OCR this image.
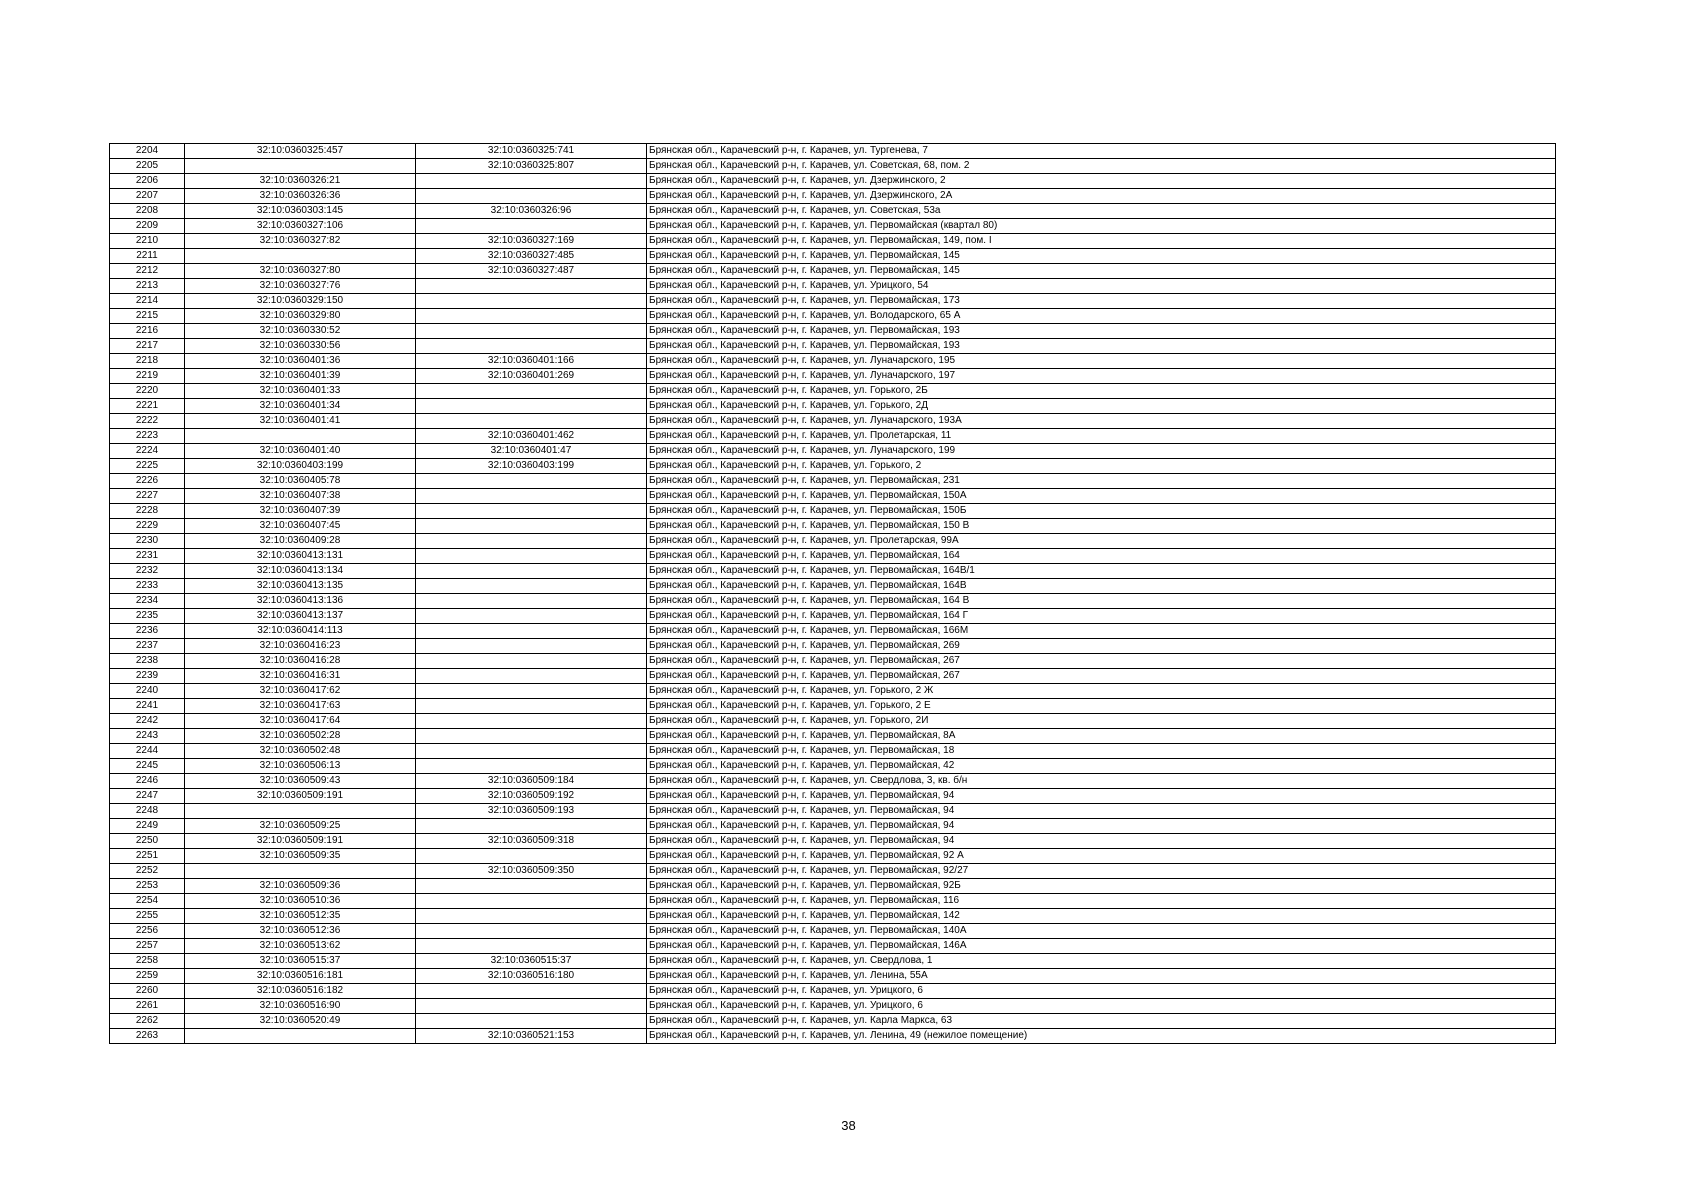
2204	32:10:0360325:457	32:10:0360325:741	Брянская обл., Карачевский р-н, г. Карачев, ул. Тургенева, 7
2205		32:10:0360325:807	Брянская обл., Карачевский р-н, г. Карачев, ул. Советская, 68, пом. 2
2206	32:10:0360326:21		Брянская обл., Карачевский р-н, г. Карачев, ул. Дзержинского, 2
2207	32:10:0360326:36		Брянская обл., Карачевский р-н, г. Карачев, ул. Дзержинского, 2А
2208	32:10:0360303:145	32:10:0360326:96	Брянская обл., Карачевский р-н, г. Карачев, ул. Советская, 53а
2209	32:10:0360327:106		Брянская обл., Карачевский р-н, г. Карачев, ул. Первомайская (квартал 80)
2210	32:10:0360327:82	32:10:0360327:169	Брянская обл., Карачевский р-н, г. Карачев, ул. Первомайская, 149, пом. I
2211		32:10:0360327:485	Брянская обл., Карачевский р-н, г. Карачев, ул. Первомайская, 145
2212	32:10:0360327:80	32:10:0360327:487	Брянская обл., Карачевский р-н, г. Карачев, ул. Первомайская, 145
2213	32:10:0360327:76		Брянская обл., Карачевский р-н, г. Карачев, ул. Урицкого, 54
2214	32:10:0360329:150		Брянская обл., Карачевский р-н, г. Карачев, ул. Первомайская, 173
2215	32:10:0360329:80		Брянская обл., Карачевский р-н, г. Карачев, ул. Володарского, 65 А
2216	32:10:0360330:52		Брянская обл., Карачевский р-н, г. Карачев, ул. Первомайская, 193
2217	32:10:0360330:56		Брянская обл., Карачевский р-н, г. Карачев, ул. Первомайская, 193
2218	32:10:0360401:36	32:10:0360401:166	Брянская обл., Карачевский р-н, г. Карачев, ул. Луначарского, 195
2219	32:10:0360401:39	32:10:0360401:269	Брянская обл., Карачевский р-н, г. Карачев, ул. Луначарского, 197
2220	32:10:0360401:33		Брянская обл., Карачевский р-н, г. Карачев, ул. Горького, 2Б
2221	32:10:0360401:34		Брянская обл., Карачевский р-н, г. Карачев, ул. Горького, 2Д
2222	32:10:0360401:41		Брянская обл., Карачевский р-н, г. Карачев, ул. Луначарского, 193А
2223		32:10:0360401:462	Брянская обл., Карачевский р-н, г. Карачев, ул. Пролетарская, 11
2224	32:10:0360401:40	32:10:0360401:47	Брянская обл., Карачевский р-н, г. Карачев, ул. Луначарского, 199
2225	32:10:0360403:199	32:10:0360403:199	Брянская обл., Карачевский р-н, г. Карачев, ул. Горького, 2
2226	32:10:0360405:78		Брянская обл., Карачевский р-н, г. Карачев, ул. Первомайская, 231
2227	32:10:0360407:38		Брянская обл., Карачевский р-н, г. Карачев, ул. Первомайская, 150А
2228	32:10:0360407:39		Брянская обл., Карачевский р-н, г. Карачев, ул. Первомайская, 150Б
2229	32:10:0360407:45		Брянская обл., Карачевский р-н, г. Карачев, ул. Первомайская, 150 В
2230	32:10:0360409:28		Брянская обл., Карачевский р-н, г. Карачев, ул. Пролетарская, 99А
2231	32:10:0360413:131		Брянская обл., Карачевский р-н, г. Карачев, ул. Первомайская, 164
2232	32:10:0360413:134		Брянская обл., Карачевский р-н, г. Карачев, ул. Первомайская, 164В/1
2233	32:10:0360413:135		Брянская обл., Карачевский р-н, г. Карачев, ул. Первомайская, 164В
2234	32:10:0360413:136		Брянская обл., Карачевский р-н, г. Карачев, ул. Первомайская, 164 В
2235	32:10:0360413:137		Брянская обл., Карачевский р-н, г. Карачев, ул. Первомайская, 164 Г
2236	32:10:0360414:113		Брянская обл., Карачевский р-н, г. Карачев, ул. Первомайская, 166М
2237	32:10:0360416:23		Брянская обл., Карачевский р-н, г. Карачев, ул. Первомайская, 269
2238	32:10:0360416:28		Брянская обл., Карачевский р-н, г. Карачев, ул. Первомайская, 267
2239	32:10:0360416:31		Брянская обл., Карачевский р-н, г. Карачев, ул. Первомайская, 267
2240	32:10:0360417:62		Брянская обл., Карачевский р-н, г. Карачев, ул. Горького, 2 Ж
2241	32:10:0360417:63		Брянская обл., Карачевский р-н, г. Карачев, ул. Горького, 2 Е
2242	32:10:0360417:64		Брянская обл., Карачевский р-н, г. Карачев, ул. Горького, 2И
2243	32:10:0360502:28		Брянская обл., Карачевский р-н, г. Карачев, ул. Первомайская, 8А
2244	32:10:0360502:48		Брянская обл., Карачевский р-н, г. Карачев, ул. Первомайская, 18
2245	32:10:0360506:13		Брянская обл., Карачевский р-н, г. Карачев, ул. Первомайская, 42
2246	32:10:0360509:43	32:10:0360509:184	Брянская обл., Карачевский р-н, г. Карачев, ул. Свердлова, 3, кв. б/н
2247	32:10:0360509:191	32:10:0360509:192	Брянская обл., Карачевский р-н, г. Карачев, ул. Первомайская, 94
2248		32:10:0360509:193	Брянская обл., Карачевский р-н, г. Карачев, ул. Первомайская, 94
2249	32:10:0360509:25		Брянская обл., Карачевский р-н, г. Карачев, ул. Первомайская, 94
2250	32:10:0360509:191	32:10:0360509:318	Брянская обл., Карачевский р-н, г. Карачев, ул. Первомайская, 94
2251	32:10:0360509:35		Брянская обл., Карачевский р-н, г. Карачев, ул. Первомайская, 92 А
2252		32:10:0360509:350	Брянская обл., Карачевский р-н, г. Карачев, ул. Первомайская, 92/27
2253	32:10:0360509:36		Брянская обл., Карачевский р-н, г. Карачев, ул. Первомайская, 92Б
2254	32:10:0360510:36		Брянская обл., Карачевский р-н, г. Карачев, ул. Первомайская, 116
2255	32:10:0360512:35		Брянская обл., Карачевский р-н, г. Карачев, ул. Первомайская, 142
2256	32:10:0360512:36		Брянская обл., Карачевский р-н, г. Карачев, ул. Первомайская, 140А
2257	32:10:0360513:62		Брянская обл., Карачевский р-н, г. Карачев, ул. Первомайская, 146А
2258	32:10:0360515:37	32:10:0360515:37	Брянская обл., Карачевский р-н, г. Карачев, ул. Свердлова, 1
2259	32:10:0360516:181	32:10:0360516:180	Брянская обл., Карачевский р-н, г. Карачев, ул. Ленина, 55А
2260	32:10:0360516:182		Брянская обл., Карачевский р-н, г. Карачев, ул. Урицкого, 6
2261	32:10:0360516:90		Брянская обл., Карачевский р-н, г. Карачев, ул. Урицкого, 6
2262	32:10:0360520:49		Брянская обл., Карачевский р-н, г. Карачев, ул. Карла Маркса, 63
2263		32:10:0360521:153	Брянская обл., Карачевский р-н, г. Карачев, ул. Ленина, 49 (нежилое помещение)
38
